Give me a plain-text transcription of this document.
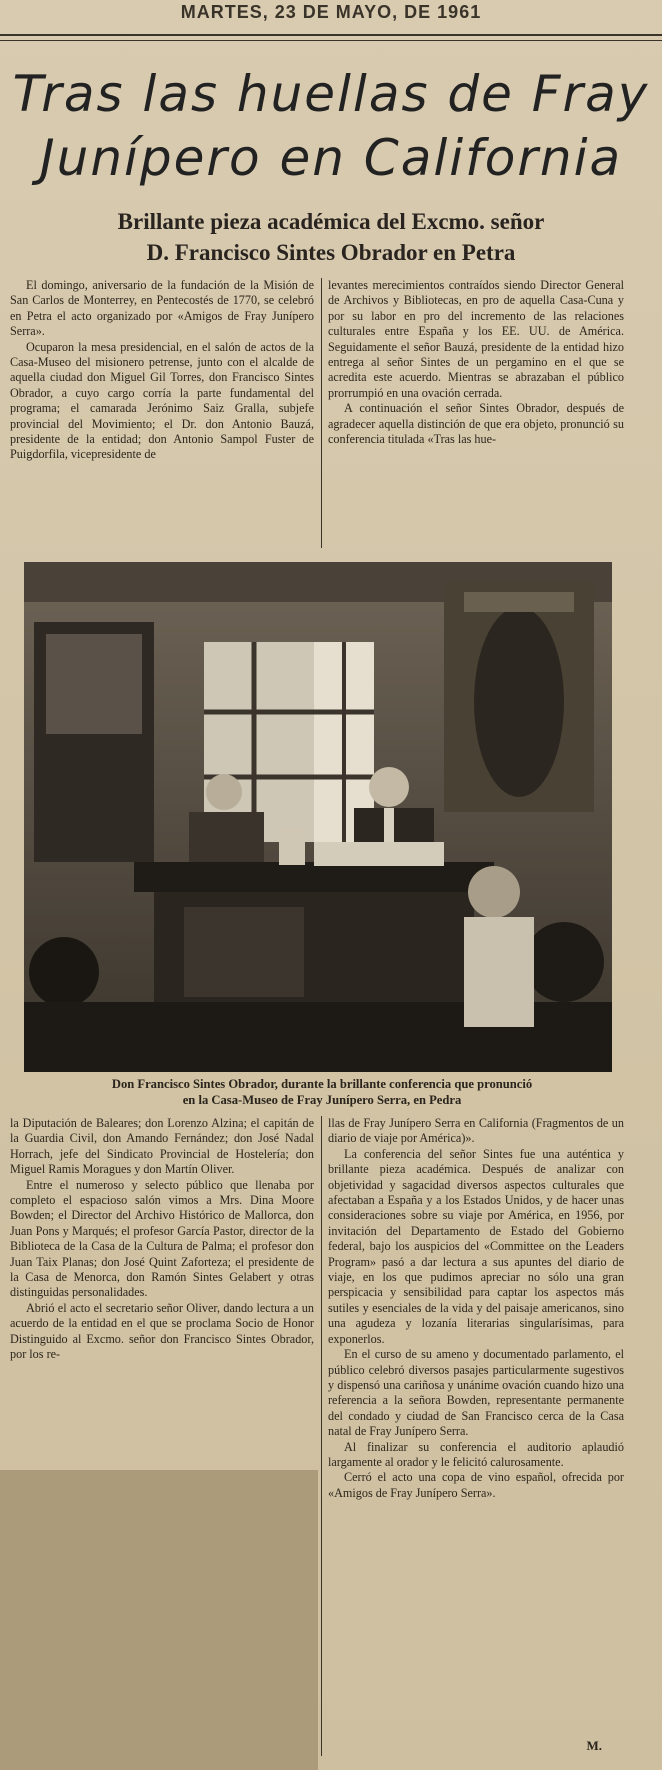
MARTES, 23 DE MAYO, DE 1961
Tras las huellas de Fray
Junípero en California
Brillante pieza académica del Excmo. señor
D. Francisco Sintes Obrador en Petra

El domingo, aniversario de la fundación de la Misión de San Carlos de Monterrey, en Pentecostés de 1770, se celebró en Petra el acto organizado por «Amigos de Fray Junípero Serra».

Ocuparon la mesa presidencial, en el salón de actos de la Casa-Museo del misionero petrense, junto con el alcalde de aquella ciudad don Miguel Gil Torres, don Francisco Sintes Obrador, a cuyo cargo corría la parte fundamental del programa; el camarada Jerónimo Saiz Gralla, subjefe provincial del Movimiento; el Dr. don Antonio Bauzá, presidente de la entidad; don Antonio Sampol Fuster de Puigdorfila, vicepresidente de

levantes merecimientos contraídos siendo Director General de Archivos y Bibliotecas, en pro de aquella Casa-Cuna y por su labor en pro del incremento de las relaciones culturales entre España y los EE. UU. de América. Seguidamente el señor Bauzá, presidente de la entidad hizo entrega al señor Sintes de un pergamino en el que se acredita este acuerdo. Mientras se abrazaban el público prorrumpió en una ovación cerrada.

A continuación el señor Sintes Obrador, después de agradecer aquella distinción de que era objeto, pronunció su conferencia titulada «Tras las hue-

Don Francisco Sintes Obrador, durante la brillante conferencia que pronunció
en la Casa-Museo de Fray Junípero Serra, en Pedra

la Diputación de Baleares; don Lorenzo Alzina; el capitán de la Guardia Civil, don Amando Fernández; don José Nadal Horrach, jefe del Sindicato Provincial de Hostelería; don Miguel Ramis Moragues y don Martín Oliver.

Entre el numeroso y selecto público que llenaba por completo el espacioso salón vimos a Mrs. Dina Moore Bowden; el Director del Archivo Histórico de Mallorca, don Juan Pons y Marqués; el profesor García Pastor, director de la Biblioteca de la Casa de la Cultura de Palma; el profesor don Juan Taix Planas; don José Quint Zaforteza; el presidente de la Casa de Menorca, don Ramón Sintes Gelabert y otras distinguidas personalidades.

Abrió el acto el secretario señor Oliver, dando lectura a un acuerdo de la entidad en el que se proclama Socio de Honor Distinguido al Excmo. señor don Francisco Sintes Obrador, por los re-

llas de Fray Junípero Serra en California (Fragmentos de un diario de viaje por América)».

La conferencia del señor Sintes fue una auténtica y brillante pieza académica. Después de analizar con objetividad y sagacidad diversos aspectos culturales que afectaban a España y a los Estados Unidos, y de hacer unas consideraciones sobre su viaje por América, en 1956, por invitación del Departamento de Estado del Gobierno federal, bajo los auspicios del «Committee on the Leaders Program» pasó a dar lectura a sus apuntes del diario de viaje, en los que pudimos apreciar no sólo una gran perspicacia y sensibilidad para captar los aspectos más sutiles y esenciales de la vida y del paisaje americanos, sino una agudeza y lozanía literarias singularísimas, para exponerlos.

En el curso de su ameno y documentado parlamento, el público celebró diversos pasajes particularmente sugestivos y dispensó una cariñosa y unánime ovación cuando hizo una referencia a la señora Bowden, representante permanente del condado y ciudad de San Francisco cerca de la Casa natal de Fray Junípero Serra.

Al finalizar su conferencia el auditorio aplaudió largamente al orador y le felicitó calurosamente.

Cerró el acto una copa de vino español, ofrecida por «Amigos de Fray Junípero Serra».

M.
